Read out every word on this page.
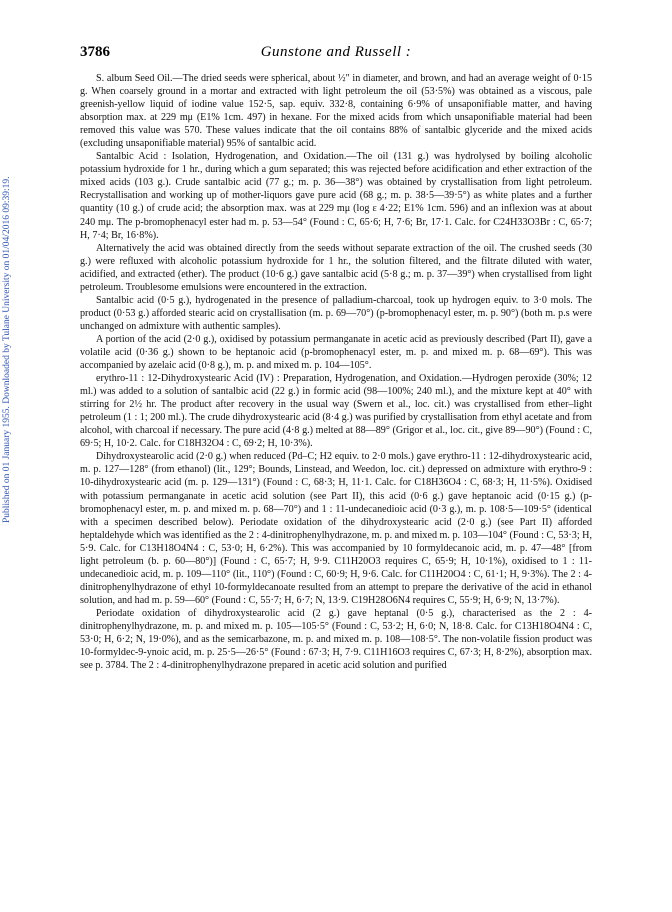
Published on 01 January 1955. Downloaded by Tulane University on 01/04/2016 09:39:19.
3786	Gunstone and Russell :

S. album Seed Oil.—The dried seeds were spherical, about ½" in diameter, and brown, and had an average weight of 0·15 g. When coarsely ground in a mortar and extracted with light petroleum the oil (53·5%) was obtained as a viscous, pale greenish-yellow liquid of iodine value 152·5, sap. equiv. 332·8, containing 6·9% of unsaponifiable matter, and having absorption max. at 229 mμ (E1% 1cm. 497) in hexane. For the mixed acids from which unsaponifiable material had been removed this value was 570. These values indicate that the oil contains 88% of santalbic glyceride and the mixed acids (excluding unsaponifiable material) 95% of santalbic acid.

Santalbic Acid : Isolation, Hydrogenation, and Oxidation.—The oil (131 g.) was hydrolysed by boiling alcoholic potassium hydroxide for 1 hr., during which a gum separated; this was rejected before acidification and ether extraction of the mixed acids (103 g.). Crude santalbic acid (77 g.; m. p. 36—38°) was obtained by crystallisation from light petroleum. Recrystallisation and working up of mother-liquors gave pure acid (68 g.; m. p. 38·5—39·5°) as white plates and a further quantity (10 g.) of crude acid; the absorption max. was at 229 mμ (log ε 4·22; E1% 1cm. 596) and an inflexion was at about 240 mμ. The p-bromophenacyl ester had m. p. 53—54° (Found : C, 65·6; H, 7·6; Br, 17·1. Calc. for C24H33O3Br : C, 65·7; H, 7·4; Br, 16·8%).

Alternatively the acid was obtained directly from the seeds without separate extraction of the oil. The crushed seeds (30 g.) were refluxed with alcoholic potassium hydroxide for 1 hr., the solution filtered, and the filtrate diluted with water, acidified, and extracted (ether). The product (10·6 g.) gave santalbic acid (5·8 g.; m. p. 37—39°) when crystallised from light petroleum. Troublesome emulsions were encountered in the extraction.

Santalbic acid (0·5 g.), hydrogenated in the presence of palladium-charcoal, took up hydrogen equiv. to 3·0 mols. The product (0·53 g.) afforded stearic acid on crystallisation (m. p. 69—70°) (p-bromophenacyl ester, m. p. 90°) (both m. p.s were unchanged on admixture with authentic samples).

A portion of the acid (2·0 g.), oxidised by potassium permanganate in acetic acid as previously described (Part II), gave a volatile acid (0·36 g.) shown to be heptanoic acid (p-bromophenacyl ester, m. p. and mixed m. p. 68—69°). This was accompanied by azelaic acid (0·8 g.), m. p. and mixed m. p. 104—105°.

erythro-11 : 12-Dihydroxystearic Acid (IV) : Preparation, Hydrogenation, and Oxidation.—Hydrogen peroxide (30%; 12 ml.) was added to a solution of santalbic acid (22 g.) in formic acid (98—100%; 240 ml.), and the mixture kept at 40° with stirring for 2½ hr. The product after recovery in the usual way (Swern et al., loc. cit.) was crystallised from ether–light petroleum (1 : 1; 200 ml.). The crude dihydroxystearic acid (8·4 g.) was purified by crystallisation from ethyl acetate and from alcohol, with charcoal if necessary. The pure acid (4·8 g.) melted at 88—89° (Grigor et al., loc. cit., give 89—90°) (Found : C, 69·5; H, 10·2. Calc. for C18H32O4 : C, 69·2; H, 10·3%).

Dihydroxystearolic acid (2·0 g.) when reduced (Pd–C; H2 equiv. to 2·0 mols.) gave erythro-11 : 12-dihydroxystearic acid, m. p. 127—128° (from ethanol) (lit., 129°; Bounds, Linstead, and Weedon, loc. cit.) depressed on admixture with erythro-9 : 10-dihydroxystearic acid (m. p. 129—131°) (Found : C, 68·3; H, 11·1. Calc. for C18H36O4 : C, 68·3; H, 11·5%). Oxidised with potassium permanganate in acetic acid solution (see Part II), this acid (0·6 g.) gave heptanoic acid (0·15 g.) (p-bromophenacyl ester, m. p. and mixed m. p. 68—70°) and 1 : 11-undecanedioic acid (0·3 g.), m. p. 108·5—109·5° (identical with a specimen described below). Periodate oxidation of the dihydroxystearic acid (2·0 g.) (see Part II) afforded heptaldehyde which was identified as the 2 : 4-dinitrophenylhydrazone, m. p. and mixed m. p. 103—104° (Found : C, 53·3; H, 5·9. Calc. for C13H18O4N4 : C, 53·0; H, 6·2%). This was accompanied by 10 formyldecanoic acid, m. p. 47—48° [from light petroleum (b. p. 60—80°)] (Found : C, 65·7; H, 9·9. C11H20O3 requires C, 65·9; H, 10·1%), oxidised to 1 : 11-undecanedioic acid, m. p. 109—110° (lit., 110°) (Found : C, 60·9; H, 9·6. Calc. for C11H20O4 : C, 61·1; H, 9·3%). The 2 : 4-dinitrophenylhydrazone of ethyl 10-formyldecanoate resulted from an attempt to prepare the derivative of the acid in ethanol solution, and had m. p. 59—60° (Found : C, 55·7; H, 6·7; N, 13·9. C19H28O6N4 requires C, 55·9; H, 6·9; N, 13·7%).

Periodate oxidation of dihydroxystearolic acid (2 g.) gave heptanal (0·5 g.), characterised as the 2 : 4-dinitrophenylhydrazone, m. p. and mixed m. p. 105—105·5° (Found : C, 53·2; H, 6·0; N, 18·8. Calc. for C13H18O4N4 : C, 53·0; H, 6·2; N, 19·0%), and as the semicarbazone, m. p. and mixed m. p. 108—108·5°. The non-volatile fission product was 10-formyldec-9-ynoic acid, m. p. 25·5—26·5° (Found : 67·3; H, 7·9. C11H16O3 requires C, 67·3; H, 8·2%), absorption max. see p. 3784. The 2 : 4-dinitrophenylhydrazone prepared in acetic acid solution and purified
